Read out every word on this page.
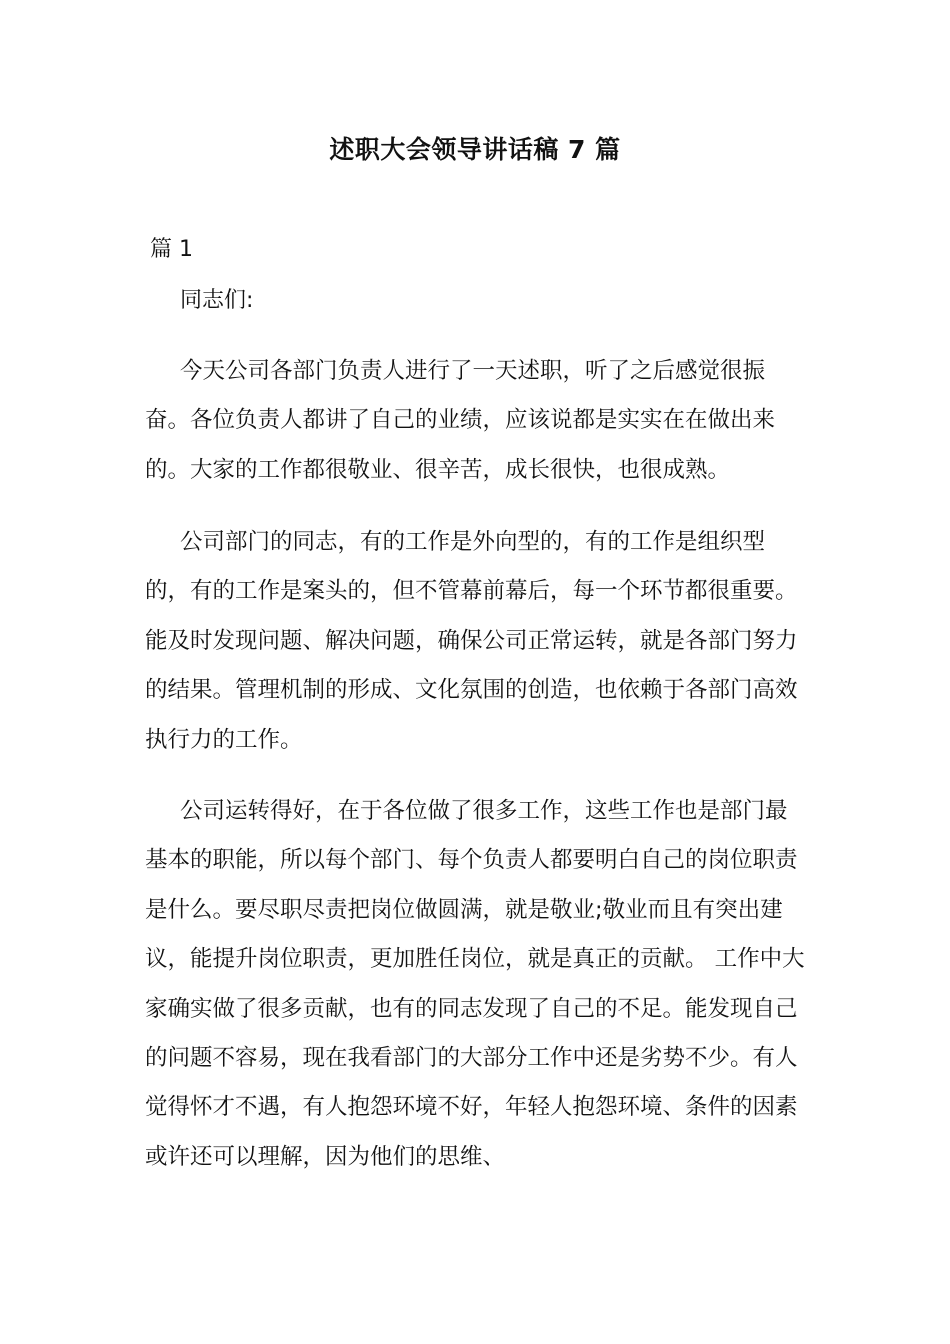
述职大会领导讲话稿 7 篇
篇 1
同志们:

今天公司各部门负责人进行了一天述职，听了之后感觉很振奋。各位负责人都讲了自己的业绩，应该说都是实实在在做出来的。大家的工作都很敬业、很辛苦，成长很快，也很成熟。

公司部门的同志，有的工作是外向型的，有的工作是组织型的，有的工作是案头的，但不管幕前幕后，每一个环节都很重要。能及时发现问题、解决问题，确保公司正常运转，就是各部门努力的结果。管理机制的形成、文化氛围的创造，也依赖于各部门高效执行力的工作。

公司运转得好，在于各位做了很多工作，这些工作也是部门最基本的职能，所以每个部门、每个负责人都要明白自己的岗位职责是什么。要尽职尽责把岗位做圆满，就是敬业;敬业而且有突出建议，能提升岗位职责，更加胜任岗位，就是真正的贡献。 工作中大家确实做了很多贡献，也有的同志发现了自己的不足。能发现自己的问题不容易，现在我看部门的大部分工作中还是劣势不少。有人觉得怀才不遇，有人抱怨环境不好，年轻人抱怨环境、条件的因素或许还可以理解，因为他们的思维、
